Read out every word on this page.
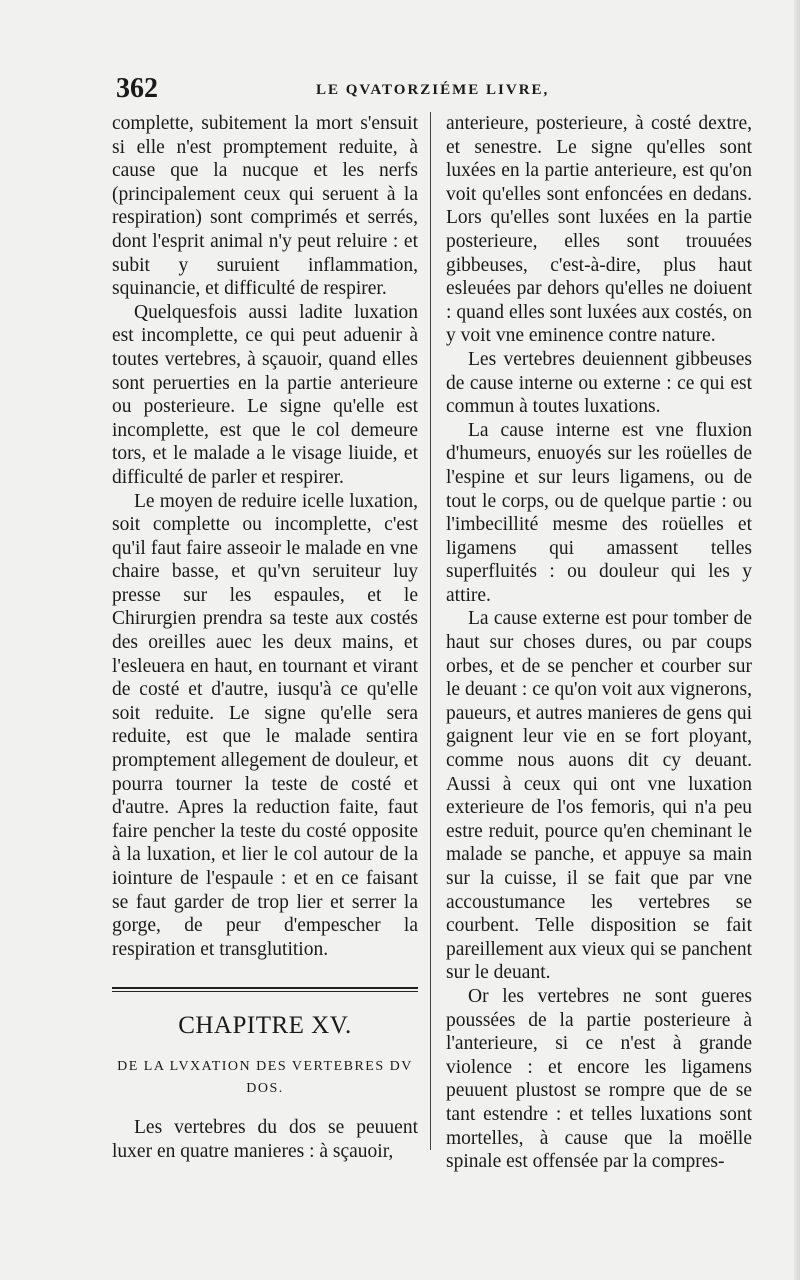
362	LE QVATORZIÉME LIVRE,

complette, subitement la mort s'ensuit si elle n'est promptement reduite, à cause que la nucque et les nerfs (principalement ceux qui seruent à la respiration) sont comprimés et serrés, dont l'esprit animal n'y peut reluire : et subit y suruient inflammation, squinancie, et difficulté de respirer.

Quelquesfois aussi ladite luxation est incomplette, ce qui peut aduenir à toutes vertebres, à sçauoir, quand elles sont peruerties en la partie anterieure ou posterieure. Le signe qu'elle est incomplette, est que le col demeure tors, et le malade a le visage liuide, et difficulté de parler et respirer.

Le moyen de reduire icelle luxation, soit complette ou incomplette, c'est qu'il faut faire asseoir le malade en vne chaire basse, et qu'vn seruiteur luy presse sur les espaules, et le Chirurgien prendra sa teste aux costés des oreilles auec les deux mains, et l'esleuera en haut, en tournant et virant de costé et d'autre, iusqu'à ce qu'elle soit reduite. Le signe qu'elle sera reduite, est que le malade sentira promptement allegement de douleur, et pourra tourner la teste de costé et d'autre. Apres la reduction faite, faut faire pencher la teste du costé opposite à la luxation, et lier le col autour de la iointure de l'espaule : et en ce faisant se faut garder de trop lier et serrer la gorge, de peur d'empescher la respiration et transglutition.

CHAPITRE XV.
DE LA LVXATION DES VERTEBRES DV DOS.

Les vertebres du dos se peuuent luxer en quatre manieres : à sçauoir,

anterieure, posterieure, à costé dextre, et senestre. Le signe qu'elles sont luxées en la partie anterieure, est qu'on voit qu'elles sont enfoncées en dedans. Lors qu'elles sont luxées en la partie posterieure, elles sont trouuées gibbeuses, c'est-à-dire, plus haut esleuées par dehors qu'elles ne doiuent : quand elles sont luxées aux costés, on y voit vne eminence contre nature.

Les vertebres deuiennent gibbeuses de cause interne ou externe : ce qui est commun à toutes luxations.

La cause interne est vne fluxion d'humeurs, enuoyés sur les roüelles de l'espine et sur leurs ligamens, ou de tout le corps, ou de quelque partie : ou l'imbecillité mesme des roüelles et ligamens qui amassent telles superfluités : ou douleur qui les y attire.

La cause externe est pour tomber de haut sur choses dures, ou par coups orbes, et de se pencher et courber sur le deuant : ce qu'on voit aux vignerons, paueurs, et autres manieres de gens qui gaignent leur vie en se fort ployant, comme nous auons dit cy deuant. Aussi à ceux qui ont vne luxation exterieure de l'os femoris, qui n'a peu estre reduit, pource qu'en cheminant le malade se panche, et appuye sa main sur la cuisse, il se fait que par vne accoustumance les vertebres se courbent. Telle disposition se fait pareillement aux vieux qui se panchent sur le deuant.

Or les vertebres ne sont gueres poussées de la partie posterieure à l'anterieure, si ce n'est à grande violence : et encore les ligamens peuuent plustost se rompre que de se tant estendre : et telles luxations sont mortelles, à cause que la moëlle spinale est offensée par la compres-
